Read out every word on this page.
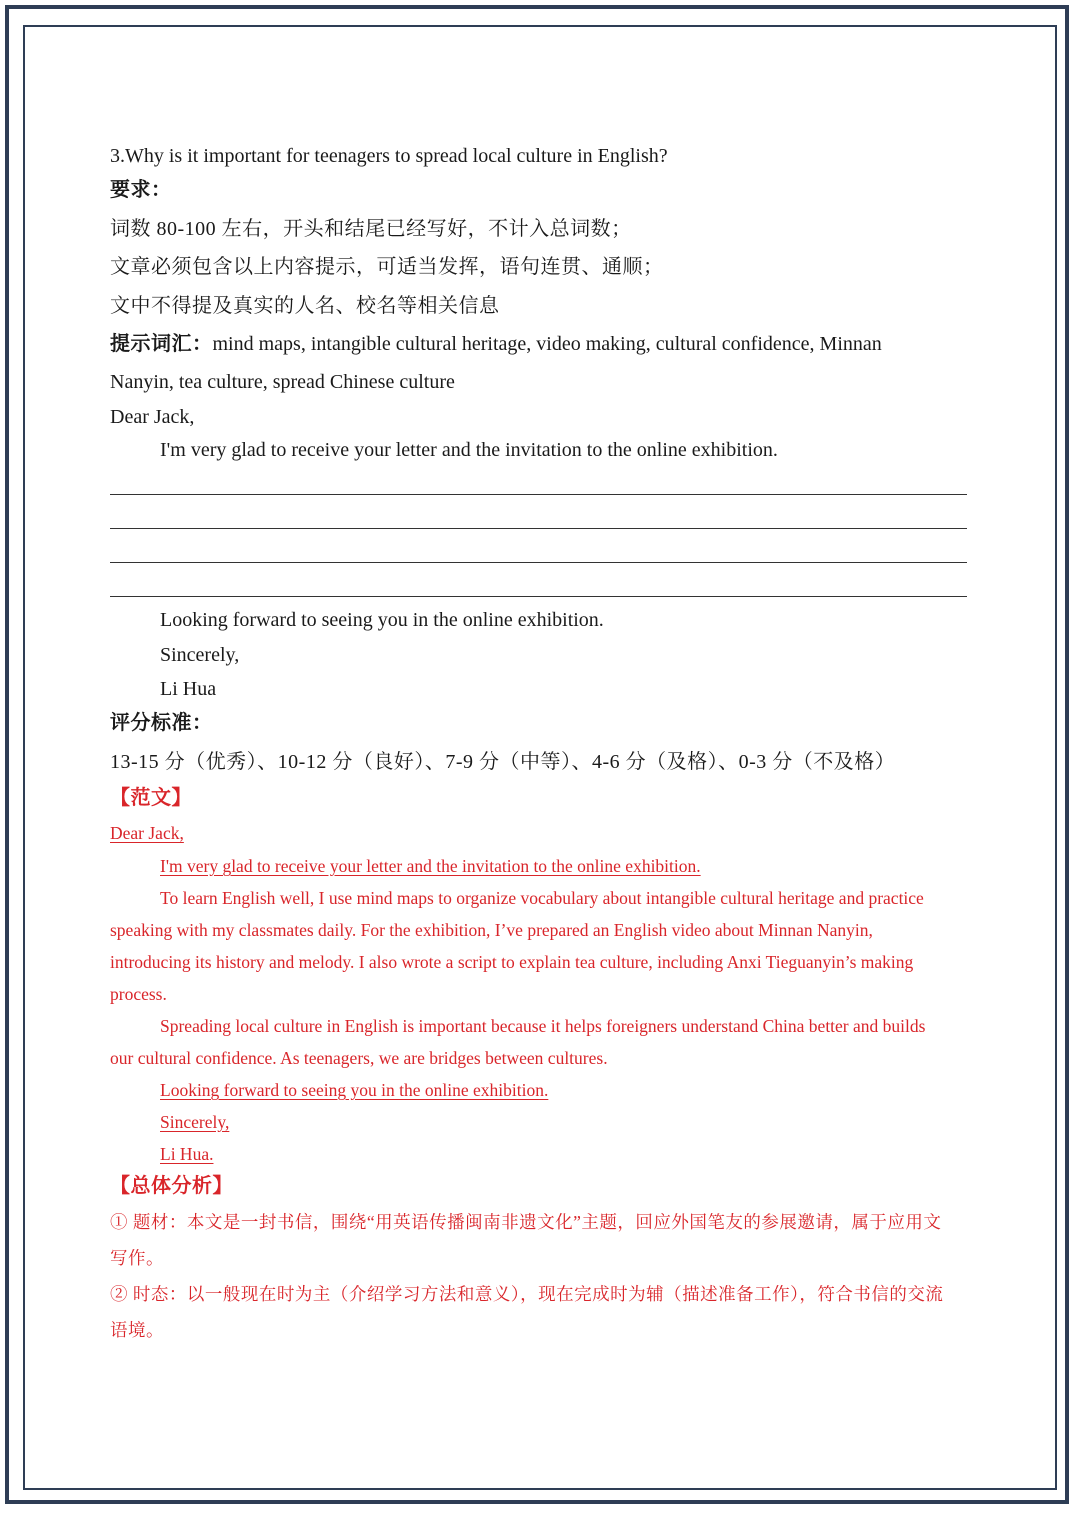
3.Why is it important for teenagers to spread local culture in English?
要求：
词数 80-100 左右，开头和结尾已经写好，不计入总词数；
文章必须包含以上内容提示，可适当发挥，语句连贯、通顺；
文中不得提及真实的人名、校名等相关信息
提示词汇：mind maps, intangible cultural heritage, video making, cultural confidence, Minnan
Nanyin, tea culture, spread Chinese culture
Dear Jack,
I'm very glad to receive your letter and the invitation to the online exhibition.
Looking forward to seeing you in the online exhibition.
Sincerely,
Li Hua
评分标准：
13-15 分（优秀）、10-12 分（良好）、7-9 分（中等）、4-6 分（及格）、0-3 分（不及格）
【范文】
Dear Jack,
I'm very glad to receive your letter and the invitation to the online exhibition.
To learn English well, I use mind maps to organize vocabulary about intangible cultural heritage and practice
speaking with my classmates daily. For the exhibition, I’ve prepared an English video about Minnan Nanyin,
introducing its history and melody. I also wrote a script to explain tea culture, including Anxi Tieguanyin’s making
process.
Spreading local culture in English is important because it helps foreigners understand China better and builds
our cultural confidence. As teenagers, we are bridges between cultures.
Looking forward to seeing you in the online exhibition.
Sincerely,
Li Hua.
【总体分析】
① 题材：本文是一封书信，围绕“用英语传播闽南非遗文化”主题，回应外国笔友的参展邀请，属于应用文
写作。
② 时态：以一般现在时为主（介绍学习方法和意义），现在完成时为辅（描述准备工作），符合书信的交流
语境。
